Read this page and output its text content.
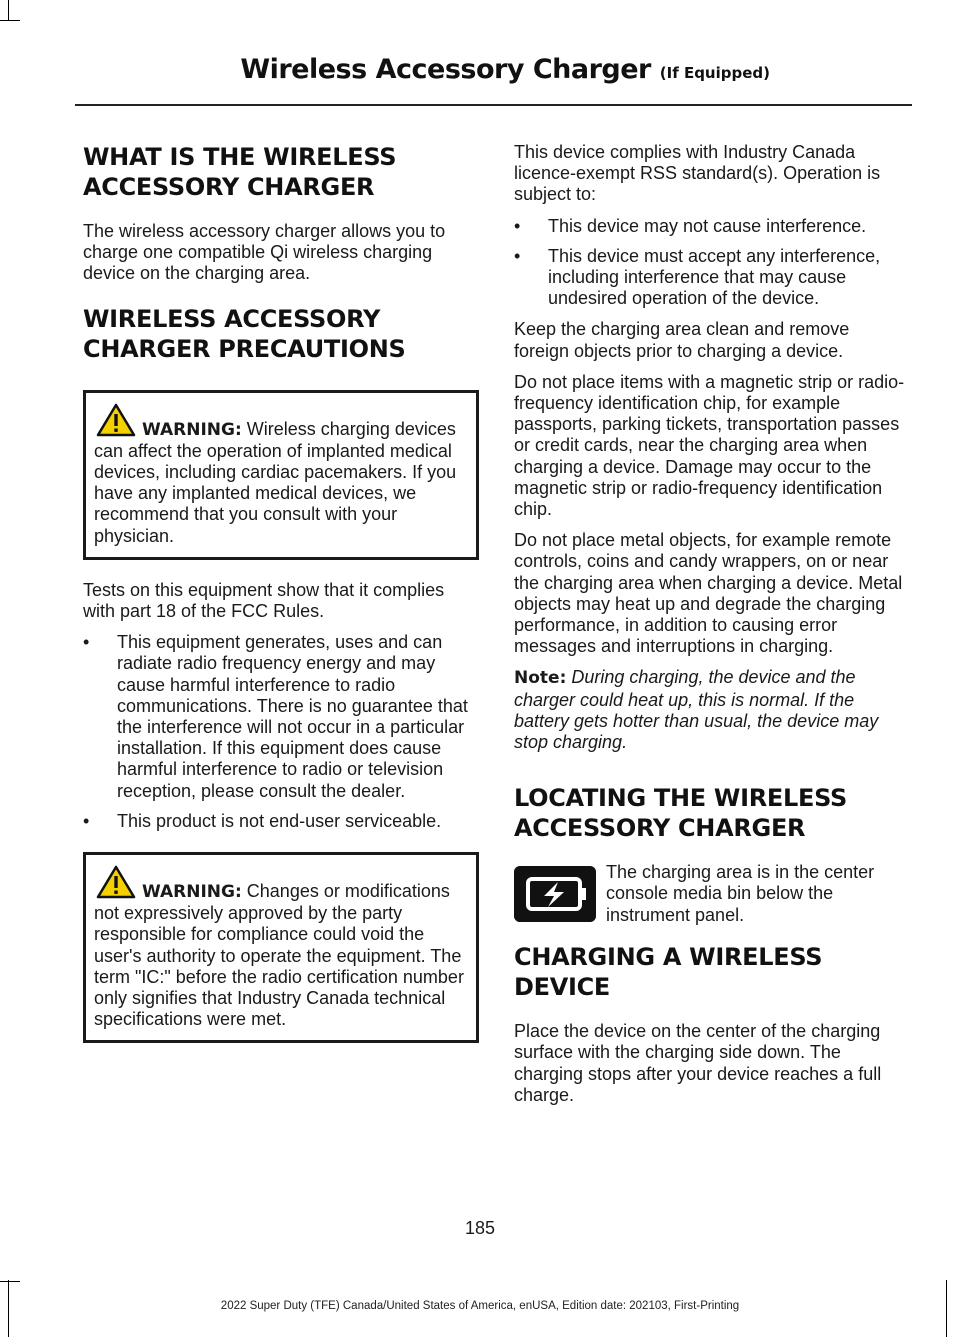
Wireless Accessory Charger (If Equipped)
WHAT IS THE WIRELESS
ACCESSORY CHARGER

The wireless accessory charger allows you to charge one compatible Qi wireless charging device on the charging area.

WIRELESS ACCESSORY
CHARGER PRECAUTIONS

WARNING: Wireless charging devices can affect the operation of implanted medical devices, including cardiac pacemakers. If you have any implanted medical devices, we recommend that you consult with your physician.

Tests on this equipment show that it complies with part 18 of the FCC Rules.

•	This equipment generates, uses and can radiate radio frequency energy and may cause harmful interference to radio communications. There is no guarantee that the interference will not occur in a particular installation. If this equipment does cause harmful interference to radio or television reception, please consult the dealer.
•	This product is not end-user serviceable.

WARNING: Changes or modifications not expressively approved by the party responsible for compliance could void the user's authority to operate the equipment. The term "IC:" before the radio certification number only signifies that Industry Canada technical specifications were met.

This device complies with Industry Canada licence-exempt RSS standard(s). Operation is subject to:

•	This device may not cause interference.
•	This device must accept any interference, including interference that may cause undesired operation of the device.

Keep the charging area clean and remove foreign objects prior to charging a device.

Do not place items with a magnetic strip or radio-frequency identification chip, for example passports, parking tickets, transportation passes or credit cards, near the charging area when charging a device. Damage may occur to the magnetic strip or radio-frequency identification chip.

Do not place metal objects, for example remote controls, coins and candy wrappers, on or near the charging area when charging a device. Metal objects may heat up and degrade the charging performance, in addition to causing error messages and interruptions in charging.

Note: During charging, the device and the charger could heat up, this is normal. If the battery gets hotter than usual, the device may stop charging.

LOCATING THE WIRELESS
ACCESSORY CHARGER

The charging area is in the center console media bin below the instrument panel.

CHARGING A WIRELESS
DEVICE

Place the device on the center of the charging surface with the charging side down. The charging stops after your device reaches a full charge.

185
2022 Super Duty (TFE) Canada/United States of America, enUSA, Edition date: 202103, First-Printing
